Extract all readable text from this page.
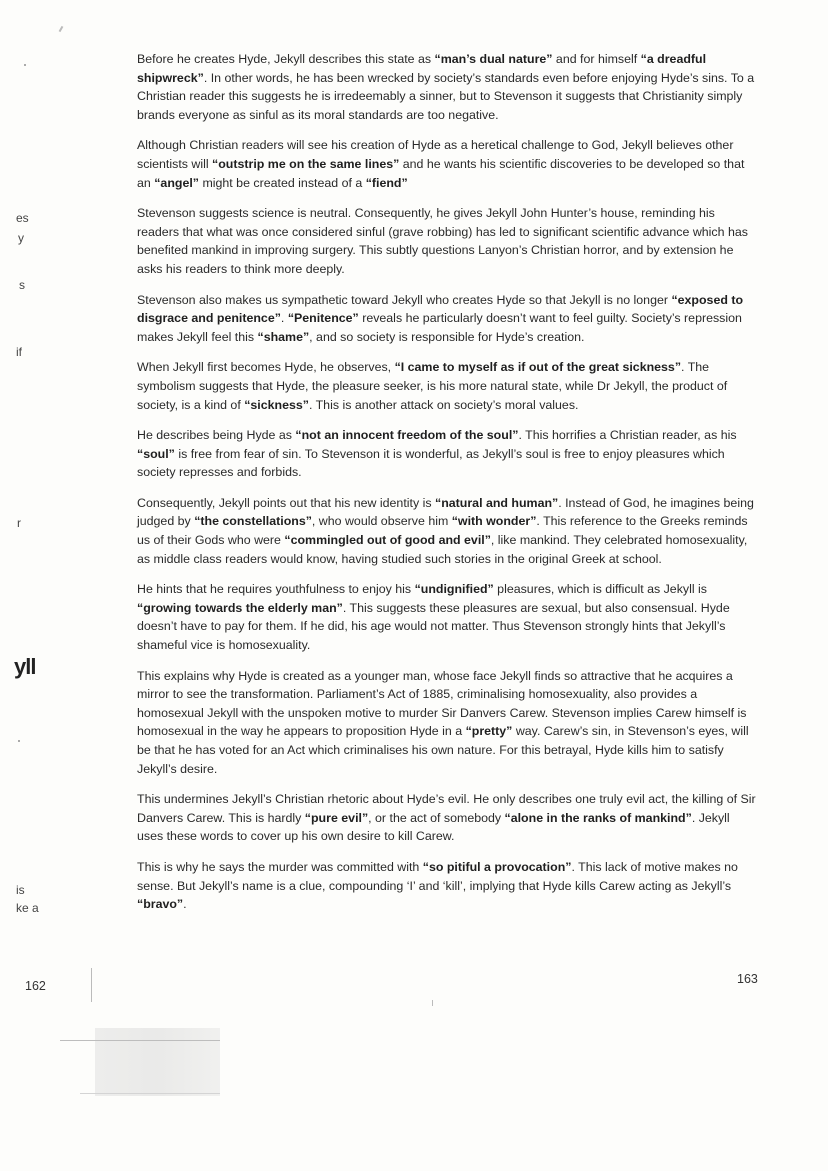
es
y
s
if
r
yll
is
ke a

Before he creates Hyde, Jekyll describes this state as “man’s dual nature” and for himself “a dreadful shipwreck”. In other words, he has been wrecked by society’s standards even before enjoying Hyde’s sins. To a Christian reader this suggests he is irredeemably a sinner, but to Stevenson it suggests that Christianity simply brands everyone as sinful as its moral standards are too negative.

Although Christian readers will see his creation of Hyde as a heretical challenge to God, Jekyll believes other scientists will “outstrip me on the same lines” and he wants his scientific discoveries to be developed so that an “angel” might be created instead of a “fiend”

Stevenson suggests science is neutral. Consequently, he gives Jekyll John Hunter’s house, reminding his readers that what was once considered sinful (grave robbing) has led to significant scientific advance which has benefited mankind in improving surgery. This subtly questions Lanyon’s Christian horror, and by extension he asks his readers to think more deeply.

Stevenson also makes us sympathetic toward Jekyll who creates Hyde so that Jekyll is no longer “exposed to disgrace and penitence”. “Penitence” reveals he particularly doesn’t want to feel guilty. Society’s repression makes Jekyll feel this “shame”, and so society is responsible for Hyde’s creation.

When Jekyll first becomes Hyde, he observes, “I came to myself as if out of the great sickness”. The symbolism suggests that Hyde, the pleasure seeker, is his more natural state, while Dr Jekyll, the product of society, is a kind of “sickness”. This is another attack on society’s moral values.

He describes being Hyde as “not an innocent freedom of the soul”. This horrifies a Christian reader, as his “soul” is free from fear of sin. To Stevenson it is wonderful, as Jekyll’s soul is free to enjoy pleasures which society represses and forbids.

Consequently, Jekyll points out that his new identity is “natural and human”. Instead of God, he imagines being judged by “the constellations”, who would observe him “with wonder”. This reference to the Greeks reminds us of their Gods who were “commingled out of good and evil”, like mankind. They celebrated homosexuality, as middle class readers would know, having studied such stories in the original Greek at school.

He hints that he requires youthfulness to enjoy his “undignified” pleasures, which is difficult as Jekyll is “growing towards the elderly man”. This suggests these pleasures are sexual, but also consensual. Hyde doesn’t have to pay for them. If he did, his age would not matter. Thus Stevenson strongly hints that Jekyll’s shameful vice is homosexuality.

This explains why Hyde is created as a younger man, whose face Jekyll finds so attractive that he acquires a mirror to see the transformation. Parliament’s Act of 1885, criminalising homosexuality, also provides a homosexual Jekyll with the unspoken motive to murder Sir Danvers Carew. Stevenson implies Carew himself is homosexual in the way he appears to proposition Hyde in a “pretty” way. Carew’s sin, in Stevenson’s eyes, will be that he has voted for an Act which criminalises his own nature. For this betrayal, Hyde kills him to satisfy Jekyll’s desire.

This undermines Jekyll’s Christian rhetoric about Hyde’s evil. He only describes one truly evil act, the killing of Sir Danvers Carew. This is hardly “pure evil”, or the act of somebody “alone in the ranks of mankind”. Jekyll uses these words to cover up his own desire to kill Carew.

This is why he says the murder was committed with “so pitiful a provocation”. This lack of motive makes no sense. But Jekyll’s name is a clue, compounding ‘I’ and ‘kill’, implying that Hyde kills Carew acting as Jekyll’s “bravo”.

162	163
